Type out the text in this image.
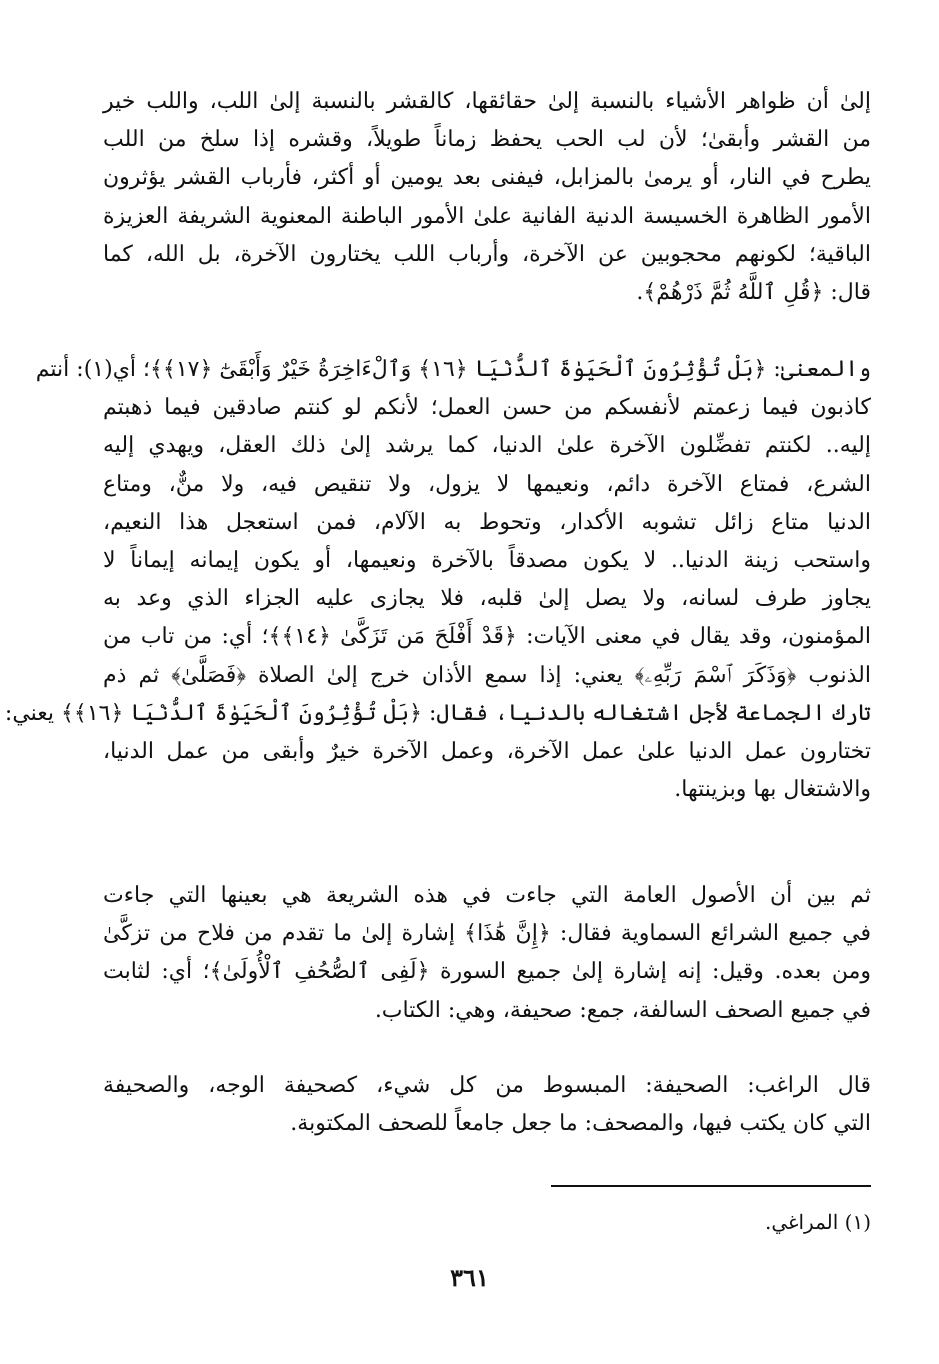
إلىٰ أن ظواهر الأشياء بالنسبة إلىٰ حقائقها، كالقشر بالنسبة إلىٰ اللب، واللب خير
من القشر وأبقىٰ؛ لأن لب الحب يحفظ زماناً طويلاً، وقشره إذا سلخ من اللب
يطرح في النار، أو يرمىٰ بالمزابل، فيفنى بعد يومين أو أكثر، فأرباب القشر يؤثرون
الأمور الظاهرة الخسيسة الدنية الفانية علىٰ الأمور الباطنة المعنوية الشريفة العزيزة
الباقية؛ لكونهم محجوبين عن الآخرة، وأرباب اللب يختارون الآخرة، بل الله، كما
قال: ﴿قُلِ ٱللَّهُ ثُمَّ ذَرْهُمْ﴾.
والمعنىٰ: ﴿بَلْ تُؤْثِرُونَ ٱلْحَيَوٰةَ ٱلدُّنْيَا ﴿١٦﴾ وَٱلْءَاخِرَةُ خَيْرٌ وَأَبْقَىٰٓ ﴿١٧﴾﴾؛ أي(١): أنتم
كاذبون فيما زعمتم لأنفسكم من حسن العمل؛ لأنكم لو كنتم صادقين فيما ذهبتم
إليه.. لكنتم تفضِّلون الآخرة علىٰ الدنيا، كما يرشد إلىٰ ذلك العقل، ويهدي إليه
الشرع، فمتاع الآخرة دائم، ونعيمها لا يزول، ولا تنقيص فيه، ولا منٌّ، ومتاع
الدنيا متاع زائل تشوبه الأكدار، وتحوط به الآلام، فمن استعجل هذا النعيم،
واستحب زينة الدنيا.. لا يكون مصدقاً بالآخرة ونعيمها، أو يكون إيمانه إيماناً لا
يجاوز طرف لسانه، ولا يصل إلىٰ قلبه، فلا يجازى عليه الجزاء الذي وعد به
المؤمنون، وقد يقال في معنى الآيات: ﴿قَدْ أَفْلَحَ مَن تَزَكَّىٰ ﴿١٤﴾﴾؛ أي: من تاب من
الذنوب ﴿وَذَكَرَ ٱسْمَ رَبِّهِۦ﴾ يعني: إذا سمع الأذان خرج إلىٰ الصلاة ﴿فَصَلَّىٰ﴾ ثم ذم
تارك الجماعة لأجل اشتغاله بالدنيا، فقال: ﴿بَلْ تُؤْثِرُونَ ٱلْحَيَوٰةَ ٱلدُّنْيَا ﴿١٦﴾﴾ يعني:
تختارون عمل الدنيا علىٰ عمل الآخرة، وعمل الآخرة خيرٌ وأبقى من عمل الدنيا،
والاشتغال بها وبزينتها.
ثم بين أن الأصول العامة التي جاءت في هذه الشريعة هي بعينها التي جاءت
في جميع الشرائع السماوية فقال: ﴿إِنَّ هَٰذَا﴾ إشارة إلىٰ ما تقدم من فلاح من تزكَّىٰ
ومن بعده. وقيل: إنه إشارة إلىٰ جميع السورة ﴿لَفِى ٱلصُّحُفِ ٱلْأُولَىٰ﴾؛ أي: لثابت
في جميع الصحف السالفة، جمع: صحيفة، وهي: الكتاب.
قال الراغب: الصحيفة: المبسوط من كل شيء، كصحيفة الوجه، والصحيفة
التي كان يكتب فيها، والمصحف: ما جعل جامعاً للصحف المكتوبة.
(١) المراغي.
٣٦١
